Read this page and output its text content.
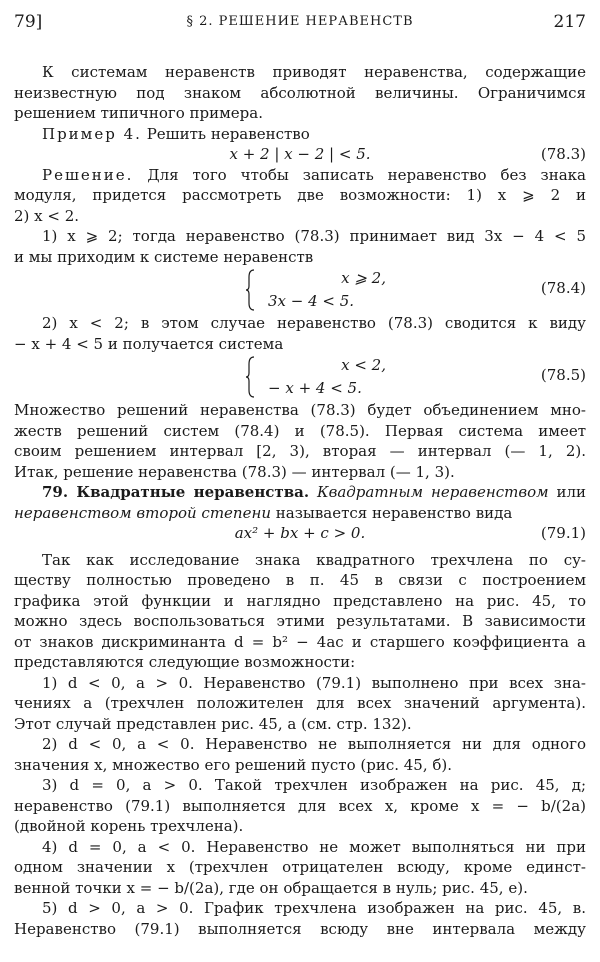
79]	§ 2. РЕШЕНИЕ НЕРАВЕНСТВ	217
К системам неравенств приводят неравенства, содержащие
неизвестную под знаком абсолютной величины. Ограничимся
решением типичного примера.
Пример 4. Решить неравенство
x + 2 | x − 2 | < 5.	(78.3)
Решение. Для того чтобы записать неравенство без знака
модуля, придется рассмотреть две возможности: 1) x ⩾ 2 и
2) x < 2.
1) x ⩾ 2; тогда неравенство (78.3) принимает вид 3x − 4 < 5
и мы приходим к системе неравенств
x ⩾ 2,
3x − 4 < 5.
(78.4)
2) x < 2; в этом случае неравенство (78.3) сводится к виду
− x + 4 < 5 и получается система
x < 2,
− x + 4 < 5.
(78.5)
Множество решений неравенства (78.3) будет объединением мно-
жеств решений систем (78.4) и (78.5). Первая система имеет
своим решением интервал [2, 3), вторая — интервал (— 1, 2).
Итак, решение неравенства (78.3) — интервал (— 1, 3).
79. Квадратные неравенства. Квадратным неравенством или
неравенством второй степени называется неравенство вида
ax² + bx + c > 0.	(79.1)
Так как исследование знака квадратного трехчлена по су-
ществу полностью проведено в п. 45 в связи с построением
графика этой функции и наглядно представлено на рис. 45, то
можно здесь воспользоваться этими результатами. В зависимости
от знаков дискриминанта d = b² − 4ac и старшего коэффициента a
представляются следующие возможности:
1) d < 0, a > 0. Неравенство (79.1) выполнено при всех зна-
чениях a (трехчлен положителен для всех значений аргумента).
Этот случай представлен рис. 45, а (см. стр. 132).
2) d < 0, a < 0. Неравенство не выполняется ни для одного
значения x, множество его решений пусто (рис. 45, б).
3) d = 0, a > 0. Такой трехчлен изображен на рис. 45, д;
неравенство (79.1) выполняется для всех x, кроме x = − b/(2a)
(двойной корень трехчлена).
4) d = 0, a < 0. Неравенство не может выполняться ни при
одном значении x (трехчлен отрицателен всюду, кроме единст-
венной точки x = − b/(2a), где он обращается в нуль; рис. 45, е).
5) d > 0, a > 0. График трехчлена изображен на рис. 45, в.
Неравенство (79.1) выполняется всюду вне интервала между
